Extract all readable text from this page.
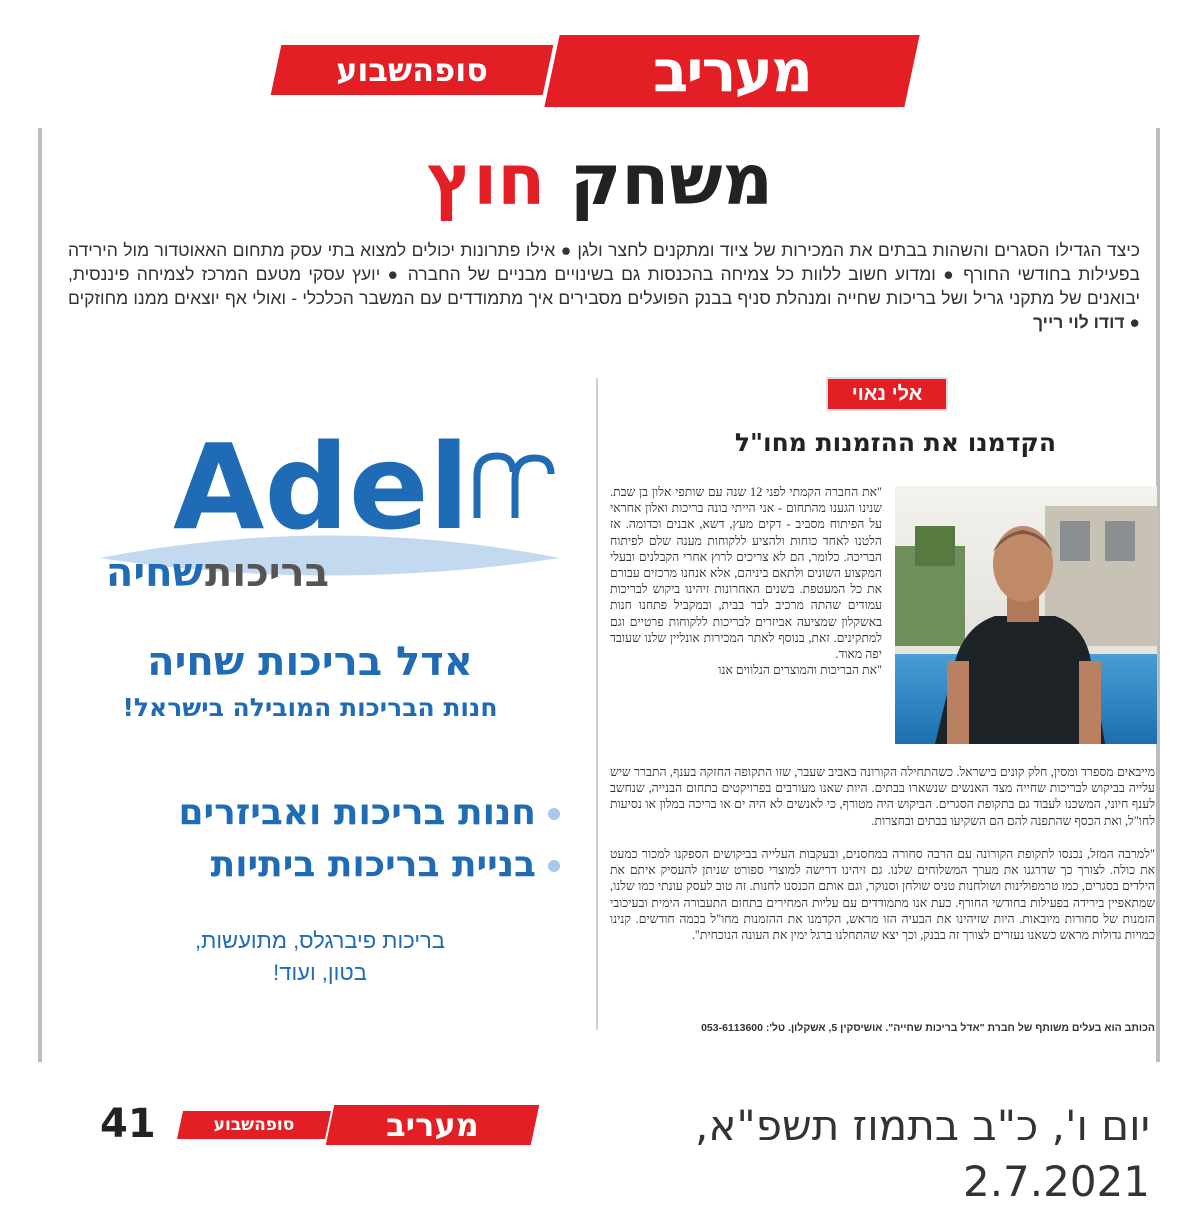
מעריב
סופהשבוע
משחק חוץ
כיצד הגדילו הסגרים והשהות בבתים את המכירות של ציוד ומתקנים לחצר ולגן ● אילו פתרונות יכולים למצוא בתי עסק מתחום האאוטדור מול הירידה בפעילות בחודשי החורף ● ומדוע חשוב ללוות כל צמיחה בהכנסות גם בשינויים מבניים של החברה ● יועץ עסקי מטעם המרכז לצמיחה פיננסית, יבואנים של מתקני גריל ושל בריכות שחייה ומנהלת סניף בבנק הפועלים מסבירים איך מתמודדים עם המשבר הכלכלי - ואולי אף יוצאים ממנו מחוזקים ● דודו לוי רייך
אלי נאוי
הקדמנו את ההזמנות מחו"ל
"את החברה הקמתי לפני 12 שנה עם שותפי אלון בן שבת. שנינו הגענו מהתחום - אני הייתי בונה בריכות ואלון אחראי על הפיתוח מסביב - דקים מעץ, דשא, אבנים וכדומה. אז הלטנו לאחד כוחות ולהציע ללקוחות מענה שלם לפיתוח הבריכה. כלומר, הם לא צריכים לרוץ אחרי הקבלנים ובעלי המקצוע השונים ולתאם ביניהם, אלא אנחנו מרכזים עבורם את כל המעטפת. בשנים האחרונות זיהינו ביקוש לבריכות עמודים שהתה מרכיב לבר בבית, ובמקביל פתחנו חנות באשקלון שמציעה אביזרים לבריכות ללקוחות פרטיים וגם למתקינים. זאת, בנוסף לאתר המכירות אונליין שלנו שעובד יפה מאוד.
"את הבריכות והמוצרים הנלווים אנו
מייבאים מספרד ומסין, חלק קונים בישראל. כשהתחילה הקורונה באביב שעבר, שזו התקופה החזקה בענף, התברר שיש עלייה בביקוש לבריכות שחייה מצד האנשים שנשארו בבתים. היות שאנו מעורבים בפרויקטים בתחום הבנייה, שנחשב לענף חיוני, המשכנו לעבוד גם בתקופת הסגרים. הביקוש היה מטורף, כי לאנשים לא היה ים או בריכה במלון או נסיעות לחו"ל, ואת הכסף שהתפנה להם הם השקיעו בבתים ובחצרות.
"למרבה המזל, נכנסו לתקופת הקורונה עם הרבה סחורה במחסנים, ובעקבות העלייה בביקושים הספקנו למכור כמעט את כולה. לצורך כך שדרגנו את מערך המשלוחים שלנו. גם זיהינו דרישה למוצרי ספורט שניתן להעסיק איתם את הילדים בסגרים, כמו טרמפולינות ושולחנות טניס שולחן וסנוקר, וגם אותם הכנסנו לחנות. זה טוב לעסק עונתי כמו שלנו, שמתאפיין בירידה בפעילות בחודשי החורף. כעת אנו מתמודדים עם עליות המחירים בתחום התעבורה הימית ובעיכובי הזמנות של סחורות מיובאות. היות שזיהינו את הבעיה הזו מראש, הקדמנו את ההזמנות מחו"ל בכמה חודשים. קנינו כמויות גדולות מראש כשאנו נעזרים לצורך זה בבנק, וכך יצא שהתחלנו ברגל ימין את העונה הנוכחית".
הכותב הוא בעלים משותף של חברת "אדל בריכות שחייה". אושיסקין 5, אשקלון. טל': 053-6113600
Adel
שחיה בריכות
אדל בריכות שחיה
חנות הבריכות המובילה בישראל!
חנות בריכות ואביזרים
בניית בריכות ביתיות
בריכות פיברגלס, מתועשות,
בטון, ועוד!
יום ו', כ"ב בתמוז תשפ"א, 2.7.2021
מעריב
סופהשבוע
41
